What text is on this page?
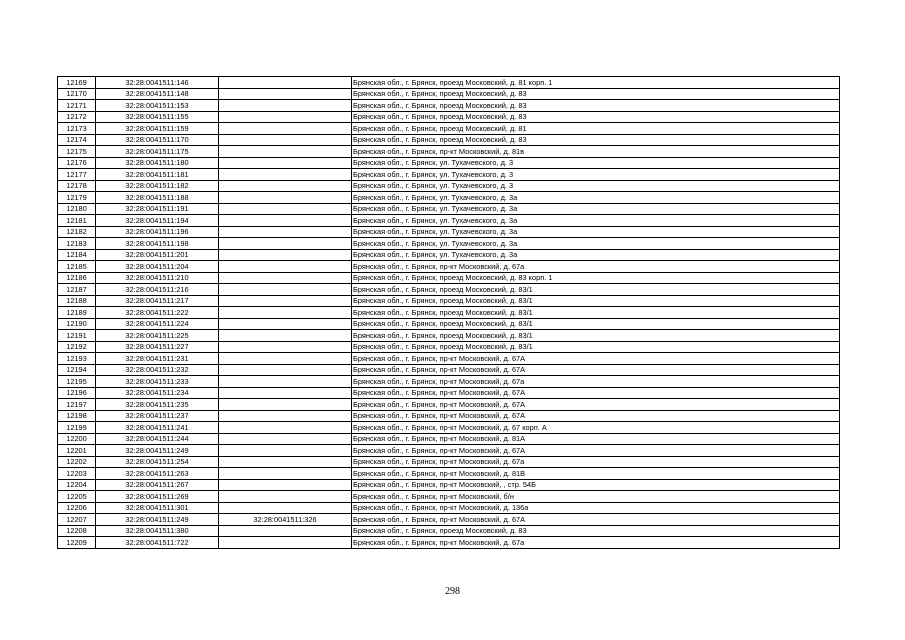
12169	32:28:0041511:146		Брянская обл., г. Брянск, проезд Московский, д. 81 корп. 1
12170	32:28:0041511:148		Брянская обл., г. Брянск, проезд Московский, д. 83
12171	32:28:0041511:153		Брянская обл., г. Брянск, проезд Московский, д. 83
12172	32:28:0041511:155		Брянская обл., г. Брянск, проезд Московский, д. 83
12173	32:28:0041511:159		Брянская обл., г. Брянск, проезд Московский, д. 81
12174	32:28:0041511:170		Брянская обл., г. Брянск, проезд Московский, д. 83
12175	32:28:0041511:175		Брянская обл., г. Брянск, пр-кт Московский, д. 81в
12176	32:28:0041511:180		Брянская обл., г. Брянск, ул. Тухачевского, д. 3
12177	32:28:0041511:181		Брянская обл., г. Брянск, ул. Тухачевского, д. 3
12178	32:28:0041511:182		Брянская обл., г. Брянск, ул. Тухачевского, д. 3
12179	32:28:0041511:188		Брянская обл., г. Брянск, ул. Тухачевского, д. 3а
12180	32:28:0041511:191		Брянская обл., г. Брянск, ул. Тухачевского, д. 3а
12181	32:28:0041511:194		Брянская обл., г. Брянск, ул. Тухачевского, д. 3а
12182	32:28:0041511:196		Брянская обл., г. Брянск, ул. Тухачевского, д. 3а
12183	32:28:0041511:198		Брянская обл., г. Брянск, ул. Тухачевского, д. 3а
12184	32:28:0041511:201		Брянская обл., г. Брянск, ул. Тухачевского, д. 3а
12185	32:28:0041511:204		Брянская обл., г. Брянск, пр-кт Московский, д. 67а
12186	32:28:0041511:210		Брянская обл., г. Брянск, проезд Московский, д. 83 корп. 1
12187	32:28:0041511:216		Брянская обл., г. Брянск, проезд Московский, д. 83/1
12188	32:28:0041511:217		Брянская обл., г. Брянск, проезд Московский, д. 83/1
12189	32:28:0041511:222		Брянская обл., г. Брянск, проезд Московский, д. 83/1
12190	32:28:0041511:224		Брянская обл., г. Брянск, проезд Московский, д. 83/1
12191	32:28:0041511:225		Брянская обл., г. Брянск, проезд Московский, д. 83/1
12192	32:28:0041511:227		Брянская обл., г. Брянск, проезд Московский, д. 83/1
12193	32:28:0041511:231		Брянская обл., г. Брянск, пр-кт Московский, д. 67А
12194	32:28:0041511:232		Брянская обл., г. Брянск, пр-кт Московский, д. 67А
12195	32:28:0041511:233		Брянская обл., г. Брянск, пр-кт Московский, д. 67а
12196	32:28:0041511:234		Брянская обл., г. Брянск, пр-кт Московский, д. 67А
12197	32:28:0041511:235		Брянская обл., г. Брянск, пр-кт Московский, д. 67А
12198	32:28:0041511:237		Брянская обл., г. Брянск, пр-кт Московский, д. 67А
12199	32:28:0041511:241		Брянская обл., г. Брянск, пр-кт Московский, д. 67 корп. А
12200	32:28:0041511:244		Брянская обл., г. Брянск, пр-кт Московский, д. 81А
12201	32:28:0041511:249		Брянская обл., г. Брянск, пр-кт Московский, д. 67А
12202	32:28:0041511:254		Брянская обл., г. Брянск, пр-кт Московский, д. 67а
12203	32:28:0041511:263		Брянская обл., г. Брянск, пр-кт Московский, д. 81В
12204	32:28:0041511:267		Брянская обл., г. Брянск, пр-кт Московский, , стр. 54Б
12205	32:28:0041511:269		Брянская обл., г. Брянск, пр-кт Московский, б/н
12206	32:28:0041511:301		Брянская обл., г. Брянск, пр-кт Московский, д. 136а
12207	32:28:0041511:249	32:28:0041511:326	Брянская обл., г. Брянск, пр-кт Московский, д. 67А
12208	32:28:0041511:380		Брянская обл., г. Брянск, проезд Московский, д. 83
12209	32:28:0041511:722		Брянская обл., г. Брянск, пр-кт Московский, д. 67а
298
